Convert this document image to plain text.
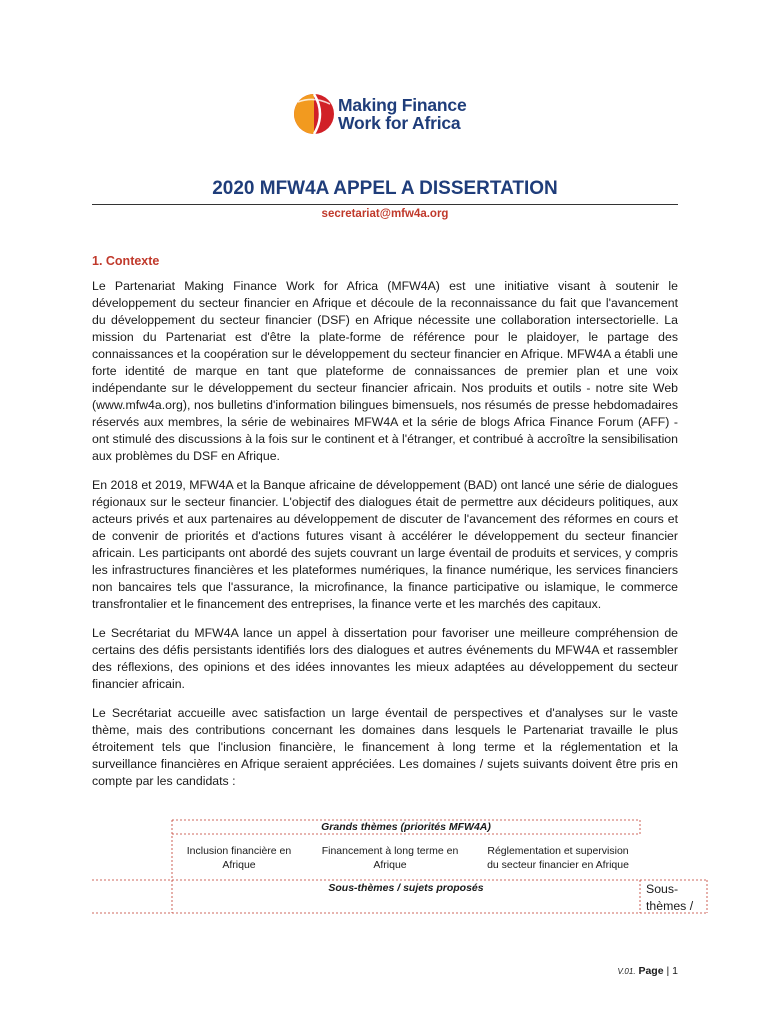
Making Finance
Work for Africa
2020 MFW4A APPEL A DISSERTATION
secretariat@mfw4a.org
1. Contexte

Le Partenariat Making Finance Work for Africa (MFW4A) est une initiative visant à soutenir le développement du secteur financier en Afrique et découle de la reconnaissance du fait que l'avancement du développement du secteur financier (DSF) en Afrique nécessite une collaboration intersectorielle. La mission du Partenariat est d'être la plate-forme de référence pour le plaidoyer, le partage des connaissances et la coopération sur le développement du secteur financier en Afrique. MFW4A a établi une forte identité de marque en tant que plateforme de connaissances de premier plan et une voix indépendante sur le développement du secteur financier africain. Nos produits et outils - notre site Web (www.mfw4a.org), nos bulletins d'information bilingues bimensuels, nos résumés de presse hebdomadaires réservés aux membres, la série de webinaires MFW4A et la série de blogs Africa Finance Forum (AFF) - ont stimulé des discussions à la fois sur le continent et à l'étranger, et contribué à accroître la sensibilisation aux problèmes du DSF en Afrique.

En 2018 et 2019, MFW4A et la Banque africaine de développement (BAD) ont lancé une série de dialogues régionaux sur le secteur financier. L'objectif des dialogues était de permettre aux décideurs politiques, aux acteurs privés et aux partenaires au développement de discuter de l'avancement des réformes en cours et de convenir de priorités et d'actions futures visant à accélérer le développement du secteur financier africain. Les participants ont abordé des sujets couvrant un large éventail de produits et services, y compris les infrastructures financières et les plateformes numériques, la finance numérique, les services financiers non bancaires tels que l'assurance, la microfinance, la finance participative ou islamique, le commerce transfrontalier et le financement des entreprises, la finance verte et les marchés des capitaux.

Le Secrétariat du MFW4A lance un appel à dissertation pour favoriser une meilleure compréhension de certains des défis persistants identifiés lors des dialogues et autres événements du MFW4A et rassembler des réflexions, des opinions et des idées innovantes les mieux adaptées au développement du secteur financier africain.

Le Secrétariat accueille avec satisfaction un large éventail de perspectives et d'analyses sur le vaste thème, mais des contributions concernant les domaines dans lesquels le Partenariat travaille le plus étroitement tels que l'inclusion financière, le financement à long terme et la réglementation et la surveillance financières en Afrique seraient appréciées. Les domaines / sujets suivants doivent être pris en compte par les candidats :

Grands thèmes (priorités MFW4A)
Inclusion financière en Afrique
Financement à long terme en Afrique
Réglementation et supervision du secteur financier en Afrique
Sous-thèmes / sujets proposés	Sous-thèmes /
V.01. Page | 1
